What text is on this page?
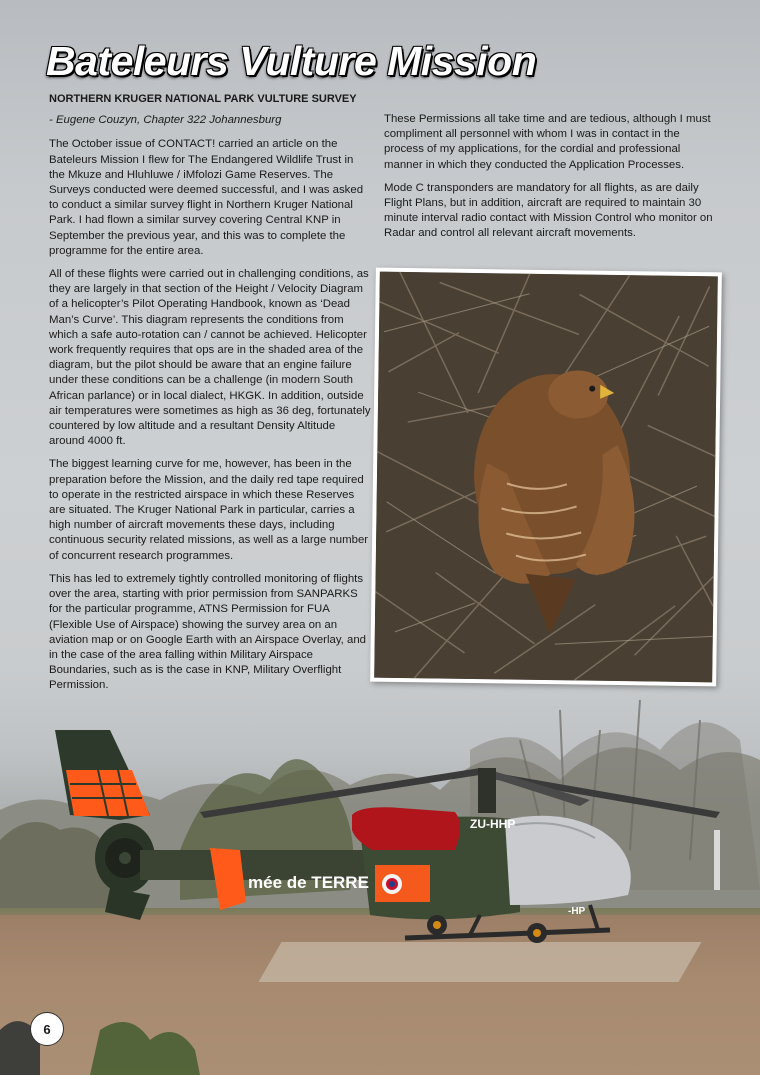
ZU-HHP
mée de TERRE
-HP
Bateleurs Vulture Mission
NORTHERN KRUGER NATIONAL PARK VULTURE SURVEY
- Eugene Couzyn, Chapter 322 Johannesburg

The October issue of CONTACT! carried an article on the Bateleurs Mission I flew for The Endangered Wildlife Trust in the Mkuze and Hluhluwe / iMfolozi Game Reserves. The Surveys conducted were deemed successful, and I was asked to conduct a similar survey flight in Northern Kruger National Park. I had flown a similar survey covering Central KNP in September the previous year, and this was to complete the programme for the entire area.

All of these flights were carried out in challenging conditions, as they are largely in that section of the Height / Velocity Diagram of a helicopter’s Pilot Operating Handbook, known as ‘Dead Man’s Curve’. This diagram represents the conditions from which a safe auto-rotation can / cannot be achieved. Helicopter work frequently requires that ops are in the shaded area of the diagram, but the pilot should be aware that an engine failure under these conditions can be a challenge (in modern South African parlance) or in local dialect, HKGK. In addition, outside air temperatures were sometimes as high as 36 deg, fortunately countered by low altitude and a resultant Density Altitude around 4000 ft.

The biggest learning curve for me, however, has been in the preparation before the Mission, and the daily red tape required to operate in the restricted airspace in which these Reserves are situated. The Kruger National Park in particular, carries a high number of aircraft movements these days, including continuous security related missions, as well as a large number of concurrent research programmes.

This has led to extremely tightly controlled monitoring of flights over the area, starting with prior permission from SANPARKS for the particular programme, ATNS Permission for FUA (Flexible Use of Airspace) showing the survey area on an aviation map or on Google Earth with an Airspace Overlay, and in the case of the area falling within Military Airspace Boundaries, such as is the case in KNP, Military Overflight Permission.

These Permissions all take time and are tedious, although I must compliment all personnel with whom I was in contact in the process of my applications, for the cordial and professional manner in which they conducted the Application Processes.

Mode C transponders are mandatory for all flights, as are daily Flight Plans, but in addition, aircraft are required to maintain 30 minute interval radio contact with Mission Control who monitor on Radar and control all relevant aircraft movements.

6
